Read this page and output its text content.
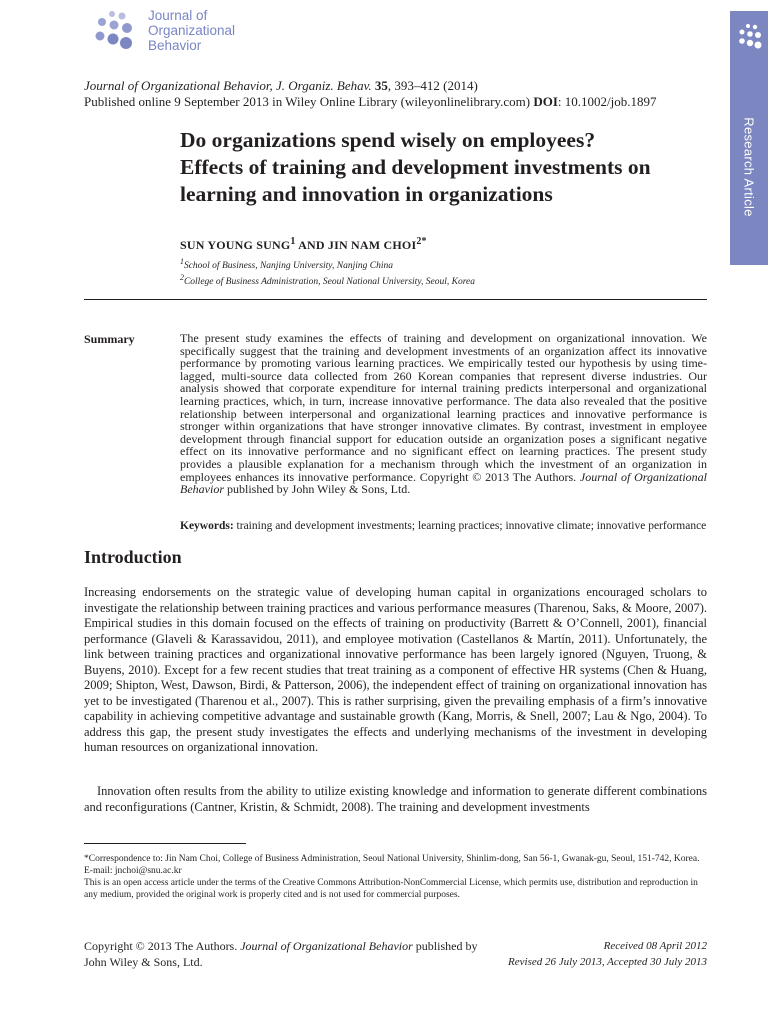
Journal of
Organizational
Behavior
Research Article
Journal of Organizational Behavior, J. Organiz. Behav. 35, 393–412 (2014)
Published online 9 September 2013 in Wiley Online Library (wileyonlinelibrary.com) DOI: 10.1002/job.1897
Do organizations spend wisely on employees?
Effects of training and development investments on
learning and innovation in organizations
SUN YOUNG SUNG$^1$ AND JIN NAM $CHOI^{2*}$
$^1$School of Business, Nanjing University, Nanjing China
$^2$College of Business Administration, Seoul National University, Seoul, Korea
Summary	The present study examines the effects of training and development on organizational innovation. We specifically suggest that the training and development investments of an organization affect its innovative performance by promoting various learning practices. We empirically tested our hypothesis by using time-lagged, multi-source data collected from 260 Korean companies that represent diverse industries. Our analysis showed that corporate expenditure for internal training predicts interpersonal and organizational learning practices, which, in turn, increase innovative performance. The data also revealed that the positive relationship between interpersonal and organizational learning practices and innovative performance is stronger within organizations that have stronger innovative climates. By contrast, investment in employee development through financial support for education outside an organization poses a significant negative effect on its innovative performance and no significant effect on learning practices. The present study provides a plausible explanation for a mechanism through which the investment of an organization in employees enhances its innovative performance. Copyright © 2013 The Authors. Journal of Organizational Behavior published by John Wiley & Sons, Ltd.
Keywords: training and development investments; learning practices; innovative climate; innovative performance
Introduction
Increasing endorsements on the strategic value of developing human capital in organizations encouraged scholars to investigate the relationship between training practices and various performance measures (Tharenou, Saks, & Moore, 2007). Empirical studies in this domain focused on the effects of training on productivity (Barrett & O’Connell, 2001), financial performance (Glaveli & Karassavidou, 2011), and employee motivation (Castellanos & Martín, 2011). Unfortunately, the link between training practices and organizational innovative performance has been largely ignored (Nguyen, Truong, & Buyens, 2010). Except for a few recent studies that treat training as a component of effective HR systems (Chen & Huang, 2009; Shipton, West, Dawson, Birdi, & Patterson, 2006), the independent effect of training on organizational innovation has yet to be investigated (Tharenou et al., 2007). This is rather surprising, given the prevailing emphasis of a firm’s innovative capability in achieving competitive advantage and sustainable growth (Kang, Morris, & Snell, 2007; Lau & Ngo, 2004). To address this gap, the present study investigates the effects and underlying mechanisms of the investment in developing human resources on organizational innovation.
Innovation often results from the ability to utilize existing knowledge and information to generate different combinations and reconfigurations (Cantner, Kristin, & Schmidt, 2008). The training and development investments
*Correspondence to: Jin Nam Choi, College of Business Administration, Seoul National University, Shinlim-dong, San 56-1, Gwanak-gu, Seoul, 151-742, Korea. E-mail: jnchoi@snu.ac.kr
This is an open access article under the terms of the Creative Commons Attribution-NonCommercial License, which permits use, distribution and reproduction in any medium, provided the original work is properly cited and is not used for commercial purposes.
Copyright © 2013 The Authors. Journal of Organizational Behavior published by
John Wiley & Sons, Ltd.
Received 08 April 2012
Revised 26 July 2013, Accepted 30 July 2013
